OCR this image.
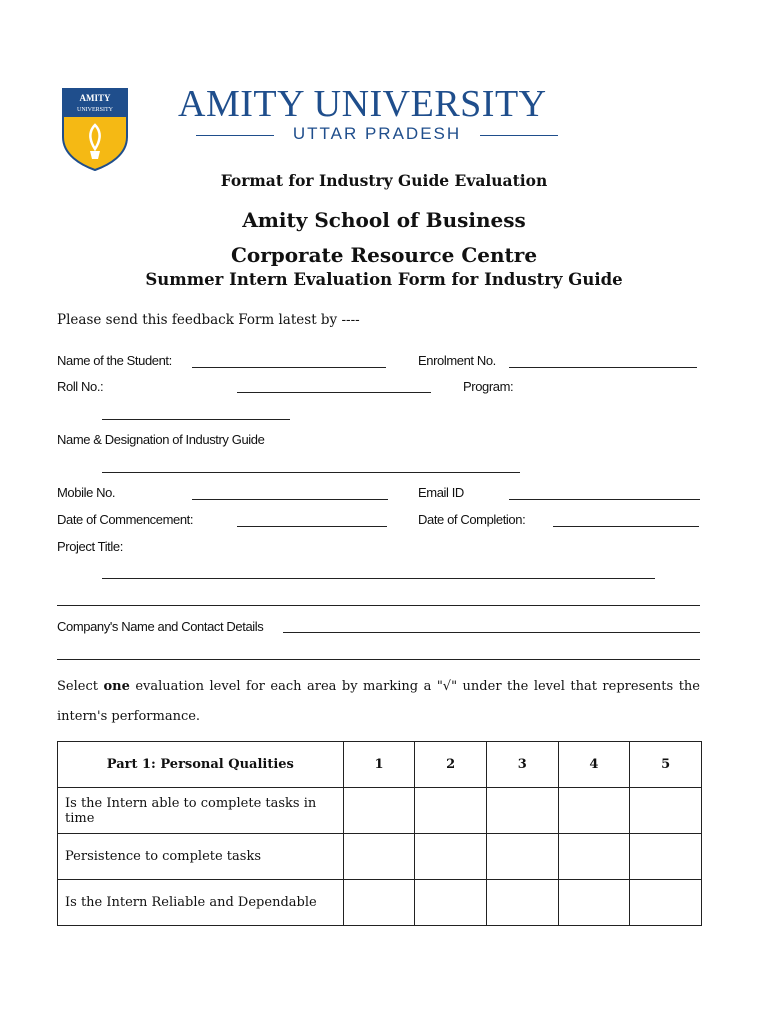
AMITY
UNIVERSITY AMITY UNIVERSITY
UTTAR PRADESH
Format for Industry Guide Evaluation
Amity School of Business
Corporate Resource Centre
Summer Intern Evaluation Form for Industry Guide
Please send this feedback Form latest by ----
Name of the Student:	Enrolment No.
Roll No.:	Program:
Name & Designation of Industry Guide
Mobile No.	Email ID
Date of Commencement:	Date of Completion:
Project Title:
Company's Name and Contact Details
Select one evaluation level for each area by marking a "√" under the level that represents the intern's performance.
Part 1: Personal Qualities	1	2	3	4	5
Is the Intern able to complete tasks in time					
Persistence to complete tasks					
Is the Intern Reliable and Dependable					
